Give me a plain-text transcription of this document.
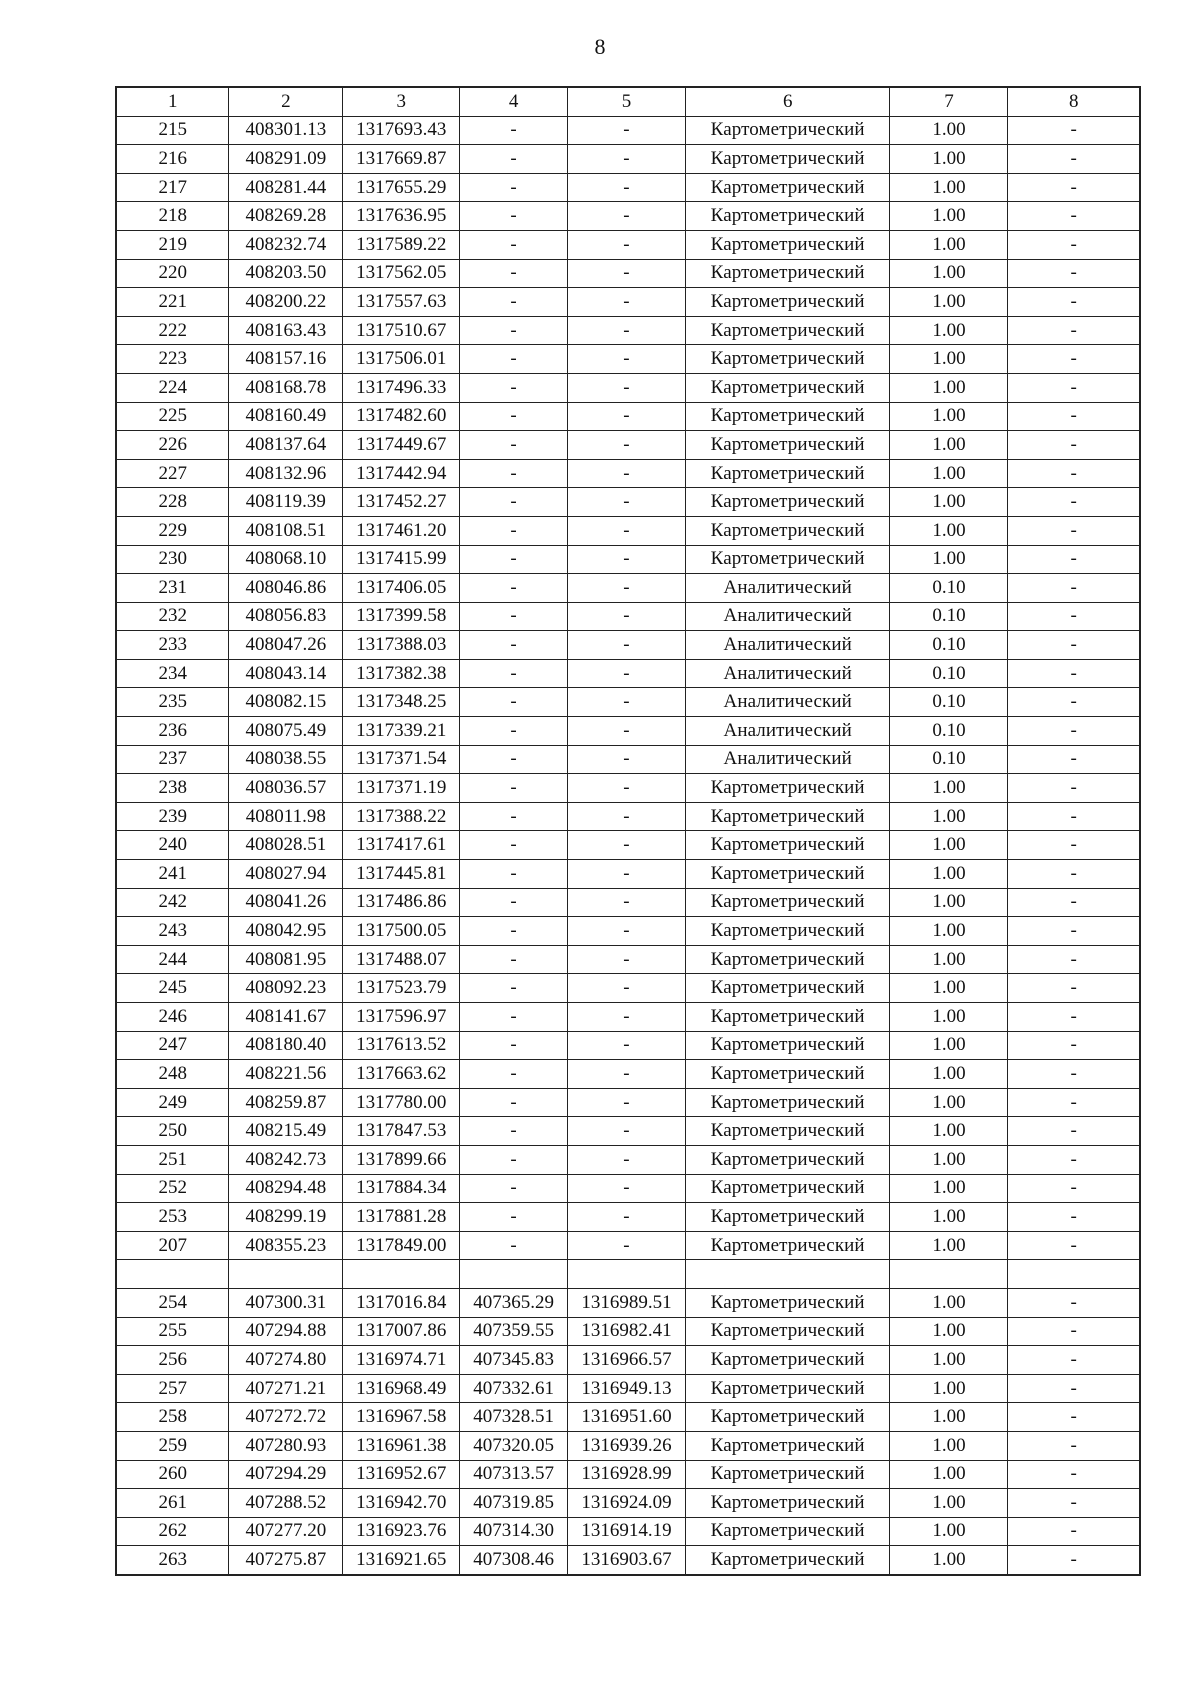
8
1	2	3	4	5	6	7	8
215	408301.13	1317693.43	-	-	Картометрический	1.00	-
216	408291.09	1317669.87	-	-	Картометрический	1.00	-
217	408281.44	1317655.29	-	-	Картометрический	1.00	-
218	408269.28	1317636.95	-	-	Картометрический	1.00	-
219	408232.74	1317589.22	-	-	Картометрический	1.00	-
220	408203.50	1317562.05	-	-	Картометрический	1.00	-
221	408200.22	1317557.63	-	-	Картометрический	1.00	-
222	408163.43	1317510.67	-	-	Картометрический	1.00	-
223	408157.16	1317506.01	-	-	Картометрический	1.00	-
224	408168.78	1317496.33	-	-	Картометрический	1.00	-
225	408160.49	1317482.60	-	-	Картометрический	1.00	-
226	408137.64	1317449.67	-	-	Картометрический	1.00	-
227	408132.96	1317442.94	-	-	Картометрический	1.00	-
228	408119.39	1317452.27	-	-	Картометрический	1.00	-
229	408108.51	1317461.20	-	-	Картометрический	1.00	-
230	408068.10	1317415.99	-	-	Картометрический	1.00	-
231	408046.86	1317406.05	-	-	Аналитический	0.10	-
232	408056.83	1317399.58	-	-	Аналитический	0.10	-
233	408047.26	1317388.03	-	-	Аналитический	0.10	-
234	408043.14	1317382.38	-	-	Аналитический	0.10	-
235	408082.15	1317348.25	-	-	Аналитический	0.10	-
236	408075.49	1317339.21	-	-	Аналитический	0.10	-
237	408038.55	1317371.54	-	-	Аналитический	0.10	-
238	408036.57	1317371.19	-	-	Картометрический	1.00	-
239	408011.98	1317388.22	-	-	Картометрический	1.00	-
240	408028.51	1317417.61	-	-	Картометрический	1.00	-
241	408027.94	1317445.81	-	-	Картометрический	1.00	-
242	408041.26	1317486.86	-	-	Картометрический	1.00	-
243	408042.95	1317500.05	-	-	Картометрический	1.00	-
244	408081.95	1317488.07	-	-	Картометрический	1.00	-
245	408092.23	1317523.79	-	-	Картометрический	1.00	-
246	408141.67	1317596.97	-	-	Картометрический	1.00	-
247	408180.40	1317613.52	-	-	Картометрический	1.00	-
248	408221.56	1317663.62	-	-	Картометрический	1.00	-
249	408259.87	1317780.00	-	-	Картометрический	1.00	-
250	408215.49	1317847.53	-	-	Картометрический	1.00	-
251	408242.73	1317899.66	-	-	Картометрический	1.00	-
252	408294.48	1317884.34	-	-	Картометрический	1.00	-
253	408299.19	1317881.28	-	-	Картометрический	1.00	-
207	408355.23	1317849.00	-	-	Картометрический	1.00	-

254	407300.31	1317016.84	407365.29	1316989.51	Картометрический	1.00	-
255	407294.88	1317007.86	407359.55	1316982.41	Картометрический	1.00	-
256	407274.80	1316974.71	407345.83	1316966.57	Картометрический	1.00	-
257	407271.21	1316968.49	407332.61	1316949.13	Картометрический	1.00	-
258	407272.72	1316967.58	407328.51	1316951.60	Картометрический	1.00	-
259	407280.93	1316961.38	407320.05	1316939.26	Картометрический	1.00	-
260	407294.29	1316952.67	407313.57	1316928.99	Картометрический	1.00	-
261	407288.52	1316942.70	407319.85	1316924.09	Картометрический	1.00	-
262	407277.20	1316923.76	407314.30	1316914.19	Картометрический	1.00	-
263	407275.87	1316921.65	407308.46	1316903.67	Картометрический	1.00	-
